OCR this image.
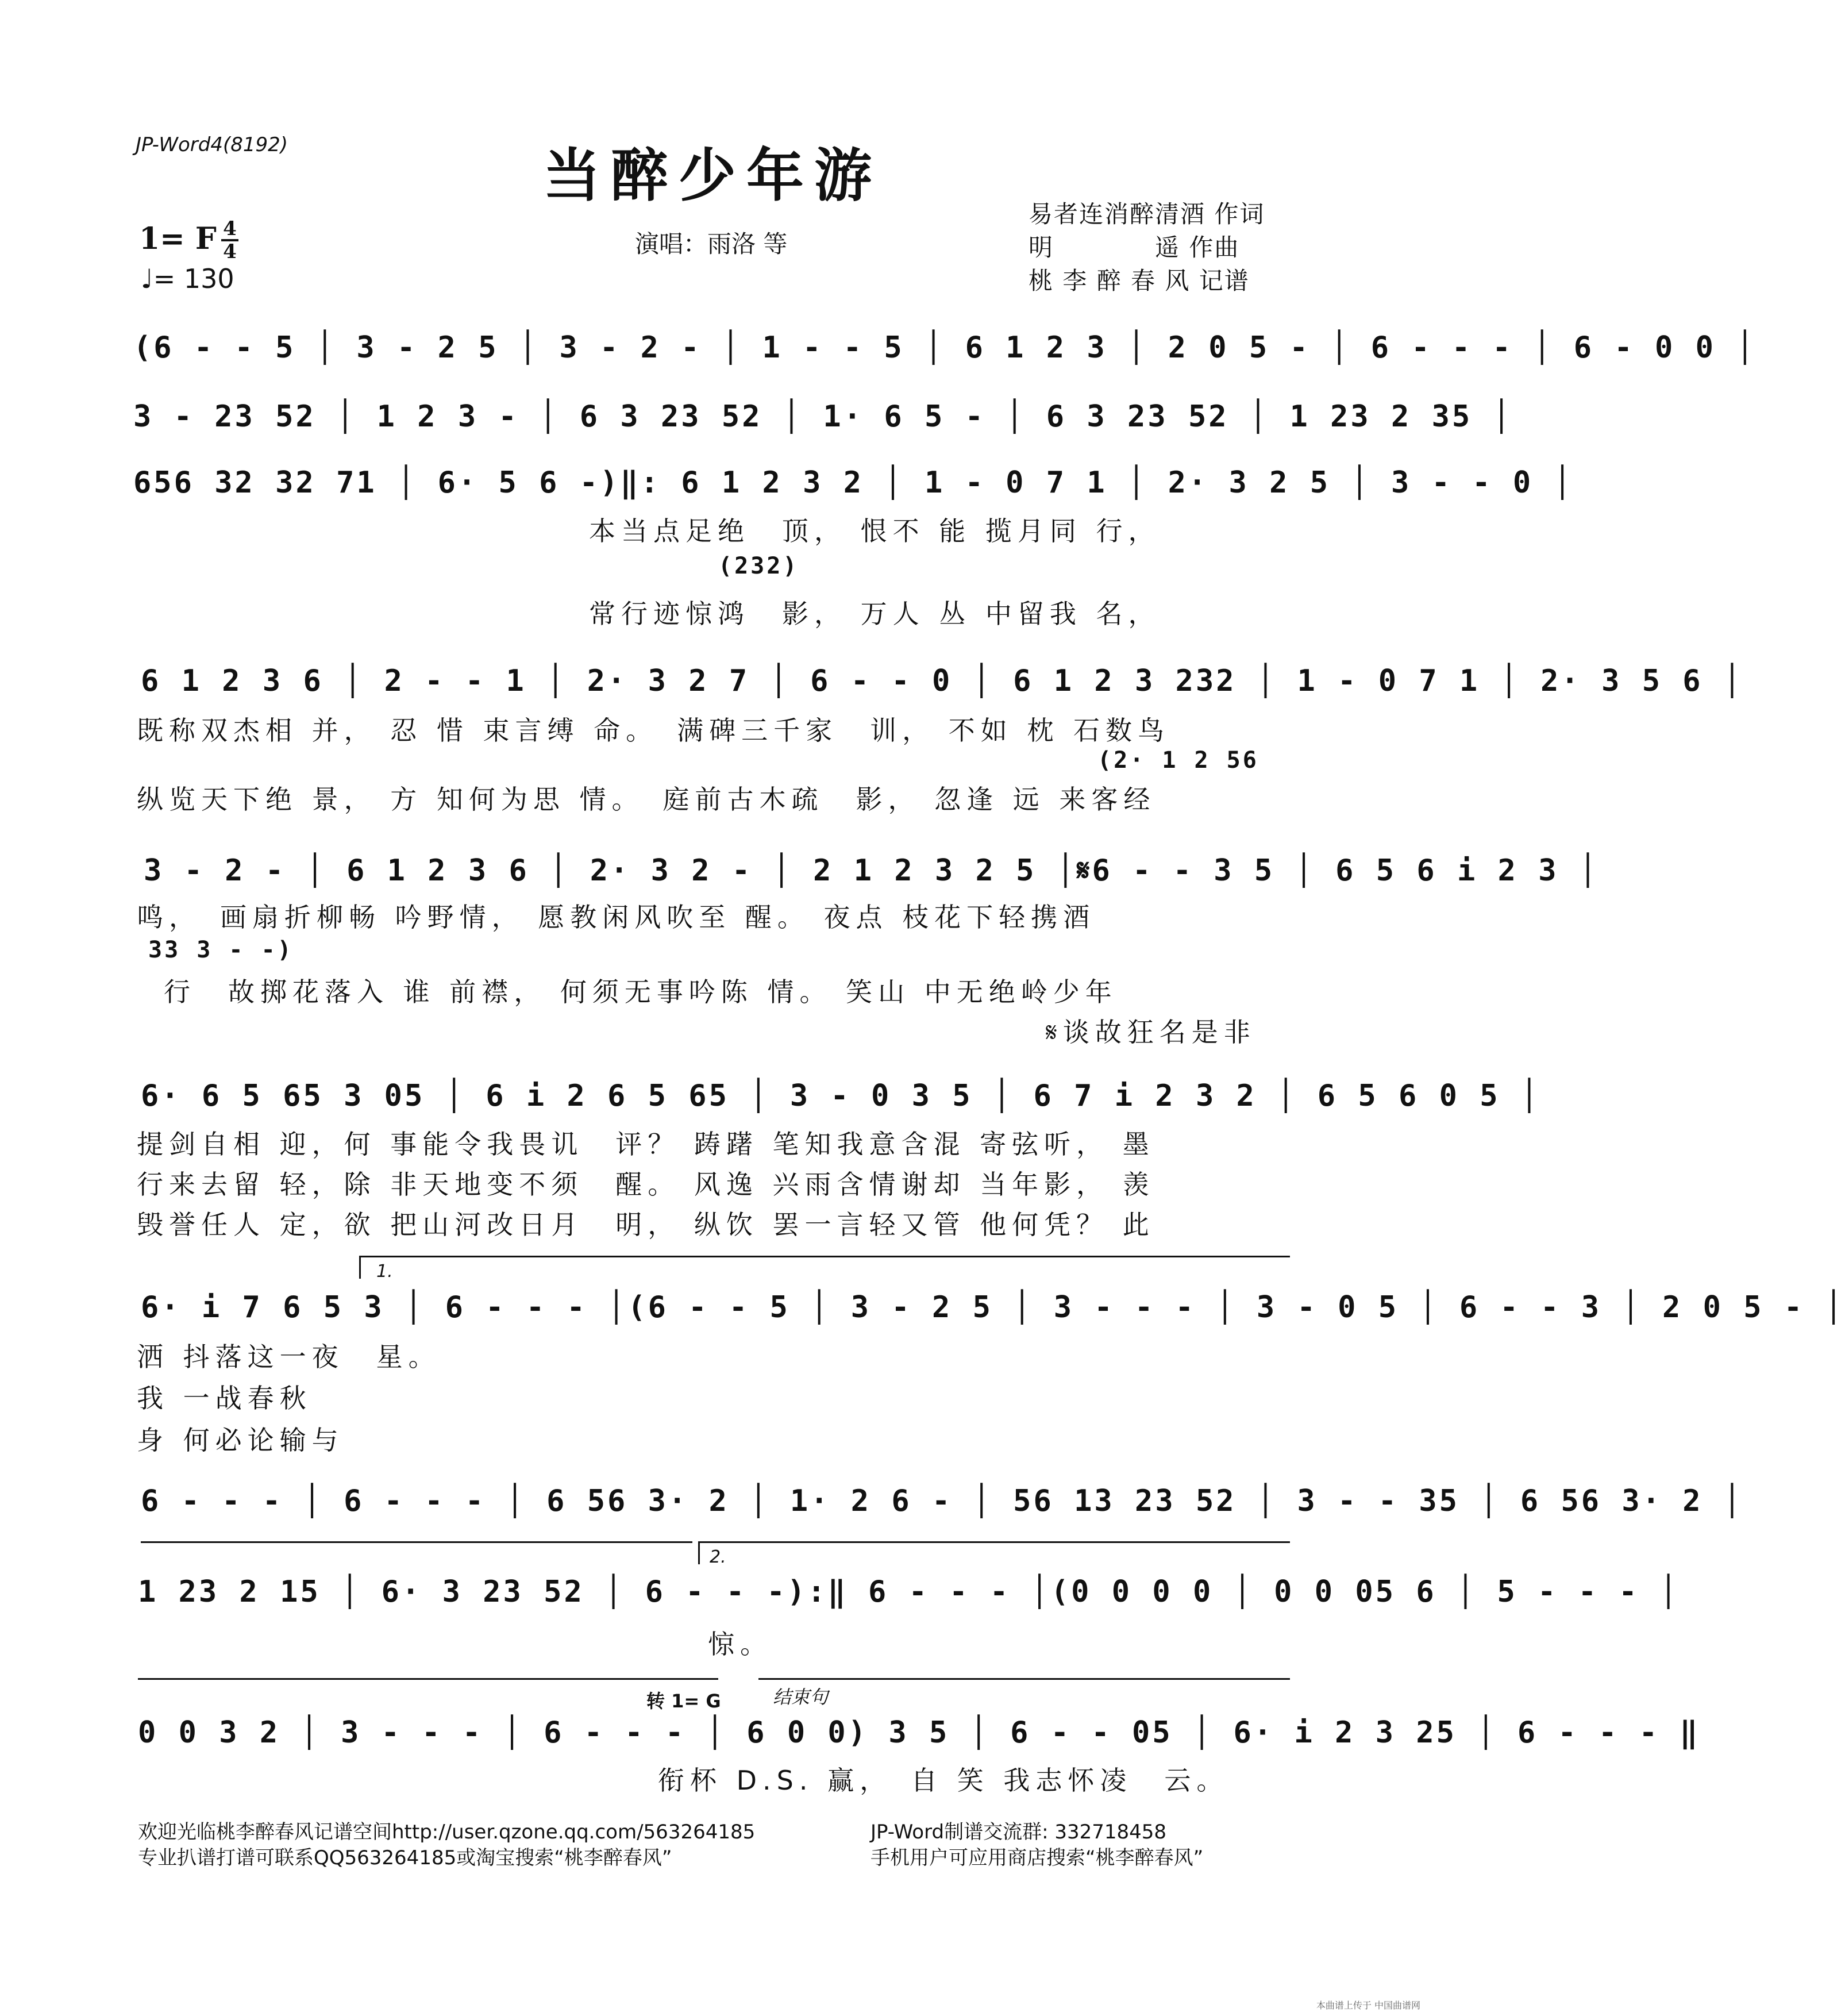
JP-Word4(8192)	当醉少年游
1= F 4
4
♩= 130
演唱：雨洛 等
易者连消醉清酒 作词
明　　　　遥 作曲
桃 李 醉 春 风 记谱
(6 - - 5 │ 3 - 2 5 │ 3 - 2 - │ 1 - - 5 │ 6 1 2 3 │ 2 0 5 - │ 6 - - - │ 6 - 0 0 │
3 - 23 52 │ 1 2 3 - │ 6 3 23 52 │ 1· 6 5 - │ 6 3 23 52 │ 1 23 2 35 │
656 32 32 71 │ 6· 5 6 -)‖: 6 1 2 3 2 │ 1 - 0 7 1 │ 2· 3 2 5 │ 3 - - 0 │
本当点足绝　顶， 恨不 能 揽月同 行，
(232)
常行迹惊鸿　影， 万人 丛 中留我 名，
6 1 2 3 6 │ 2 - - 1 │ 2· 3 2 7 │ 6 - - 0 │ 6 1 2 3 232 │ 1 - 0 7 1 │ 2· 3 5 6 │
既称双杰相 并， 忍 惜 束言缚 命。　满碑三千家　训， 不如 枕 石数鸟
(2· 1 2 56
纵览天下绝 景， 方 知何为思 情。　庭前古木疏　影， 忽逢 远 来客经
3 - 2 - │ 6 1 2 3 6 │ 2· 3 2 - │ 2 1 2 3 2 5 │𝄋6 - - 3 5 │ 6 5 6 i 2 3 │
鸣，　画扇折柳畅 吟野情， 愿教闲风吹至 醒。 夜点 枝花下轻携酒
33 3 - -)
行　故掷花落入 谁 前襟， 何须无事吟陈 情。 笑山 中无绝岭少年
𝄋谈故狂名是非
6· 6 5 65 3 05 │ 6 i 2 6 5 65 │ 3 - 0 3 5 │ 6 7 i 2 3 2 │ 6 5 6 0 5 │
提剑自相 迎，何 事能令我畏讥　评？ 踌躇 笔知我意含混 寄弦听， 墨
行来去留 轻，除 非天地变不须　醒。 风逸 兴雨含情谢却 当年影， 羡
毁誉任人 定，欲 把山河改日月　明， 纵饮 罢一言轻又管 他何凭？ 此
1.
6· i 7 6 5 3 │ 6 - - - │(6 - - 5 │ 3 - 2 5 │ 3 - - - │ 3 - 0 5 │ 6 - - 3 │ 2 0 5 - │
洒 抖落这一夜　星。
我 一战春秋
身 何必论输与
6 - - - │ 6 - - - │ 6 56 3· 2 │ 1· 2 6 - │ 56 13 23 52 │ 3 - - 35 │ 6 56 3· 2 │
2.
1 23 2 15 │ 6· 3 23 52 │ 6 - - -):‖ 6 - - - │(0 0 0 0 │ 0 0 05 6 │ 5 - - - │
惊。
转 1= G	结束句
0 0 3 2 │ 3 - - - │ 6 - - - │ 6 0 0) 3 5 │ 6 - - 05 │ 6· i 2 3 25 │ 6 - - - ‖
衔杯 D.S. 赢，　自 笑 我志怀凌　云。
欢迎光临桃李醉春风记谱空间http://user.qzone.qq.com/563264185
专业扒谱打谱可联系QQ563264185或淘宝搜索“桃李醉春风”
JP-Word制谱交流群: 332718458
手机用户可应用商店搜索“桃李醉春风”
本曲谱上传于 中国曲谱网
